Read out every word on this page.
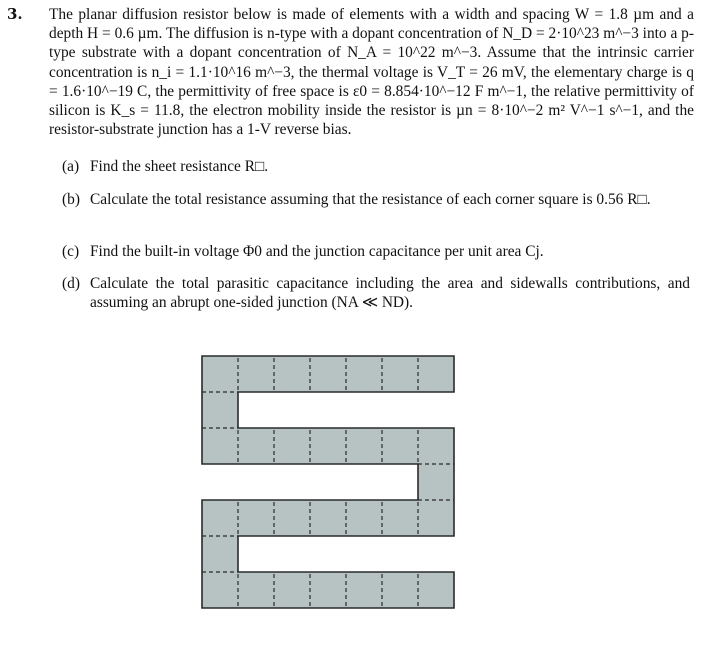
3. The planar diffusion resistor below is made of elements with a width and spacing W = 1.8 µm and a depth H = 0.6 µm. The diffusion is n-type with a dopant concentration of N_D = 2·10^23 m^−3 into a p-type substrate with a dopant concentration of N_A = 10^22 m^−3. Assume that the intrinsic carrier concentration is n_i = 1.1·10^16 m^−3, the thermal voltage is V_T = 26 mV, the elementary charge is q = 1.6·10^−19 C, the permittivity of free space is ε0 = 8.854·10^−12 F m^−1, the relative permittivity of silicon is K_s = 11.8, the electron mobility inside the resistor is µn = 8·10^−2 m² V^−1 s^−1, and the resistor-substrate junction has a 1-V reverse bias.
(a) Find the sheet resistance R□.
(b) Calculate the total resistance assuming that the resistance of each corner square is 0.56 R□.
(c) Find the built-in voltage Φ0 and the junction capacitance per unit area Cj.
(d) Calculate the total parasitic capacitance including the area and sidewalls contributions, and assuming an abrupt one-sided junction (NA ≪ ND).
